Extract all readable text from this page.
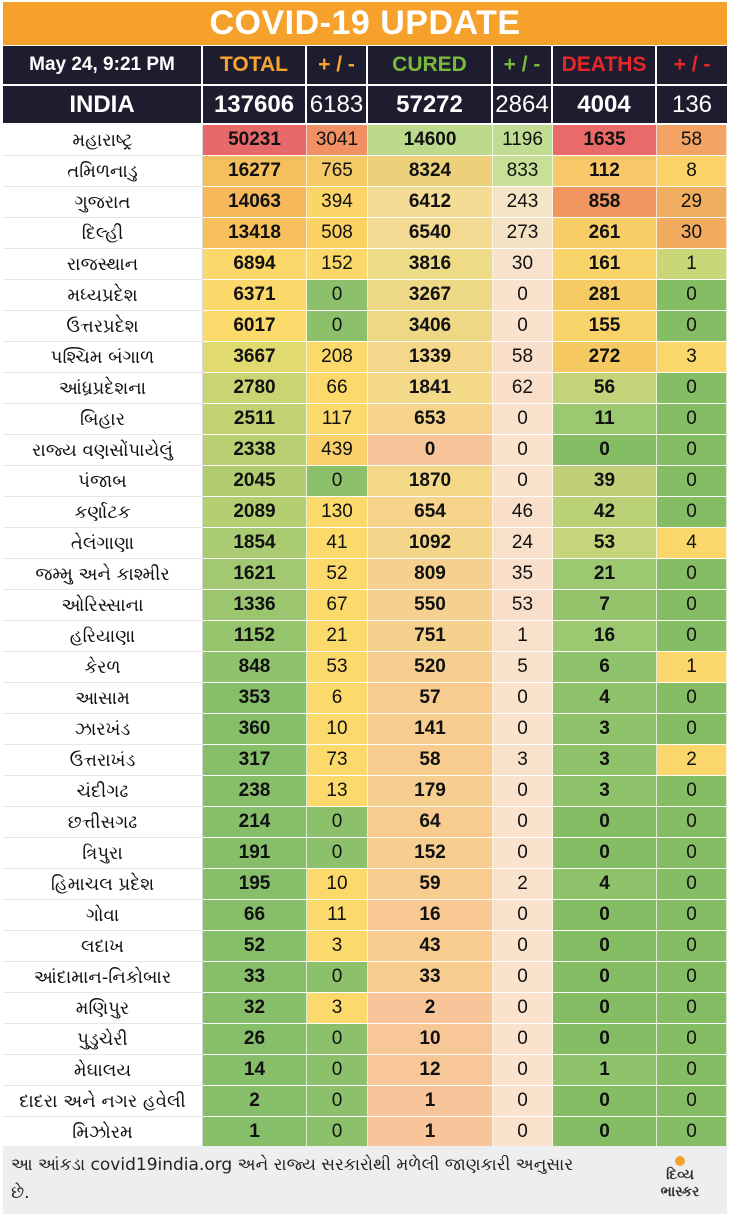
COVID-19 UPDATE
May 24, 9:21 PM	TOTAL	+ / -	CURED	+ / -	DEATHS	+ / -
INDIA	137606 6183	57272	2864	4004	136
મહારાષ્ટ્ર	50231	3041	14600	1196	1635	58
તમિળનાડુ	16277	765	8324	833	112	8
ગુજરાત	14063	394	6412	243	858	29
દિલ્હી	13418	508	6540	273	261	30
રાજસ્થાન	6894	152	3816	30	161	1
મધ્યપ્રદેશ	6371	0	3267	0	281	0
ઉત્તરપ્રદેશ	6017	0	3406	0	155	0
પશ્ચિમ બંગાળ	3667	208	1339	58	272	3
આંધ્રપ્રદેશના	2780	66	1841	62	56	0
બિહાર	2511	117	653	0	11	0
રાજ્ય વણસોંપાયેલું	2338	439	0	0	0	0
પંજાબ	2045	0	1870	0	39	0
કર્ણાટક	2089	130	654	46	42	0
તેલંગાણા	1854	41	1092	24	53	4
જમ્મુ અને કાશ્મીર	1621	52	809	35	21	0
ઓરિસ્સાના	1336	67	550	53	7	0
હરિયાણા	1152	21	751	1	16	0
કેરળ	848	53	520	5	6	1
આસામ	353	6	57	0	4	0
ઝારખંડ	360	10	141	0	3	0
ઉત્તરાખંડ	317	73	58	3	3	2
ચંદીગઢ	238	13	179	0	3	0
છત્તીસગઢ	214	0	64	0	0	0
ત્રિપુરા	191	0	152	0	0	0
હિમાચલ પ્રદેશ	195	10	59	2	4	0
ગોવા	66	11	16	0	0	0
લદાખ	52	3	43	0	0	0
આંદામાન-નિકોબાર	33	0	33	0	0	0
મણિપુર	32	3	2	0	0	0
પુડુચેરી	26	0	10	0	0	0
મેઘાલય	14	0	12	0	1	0
દાદરા અને નગર હવેલી	2	0	1	0	0	0
મિઝોરમ	1	0	1	0	0	0
આ આંકડા covid19india.org અને રાજ્ય સરકારોથી મળેલી જાણકારી અનુસાર છે.
દિવ્ય
ભાસ્કર
